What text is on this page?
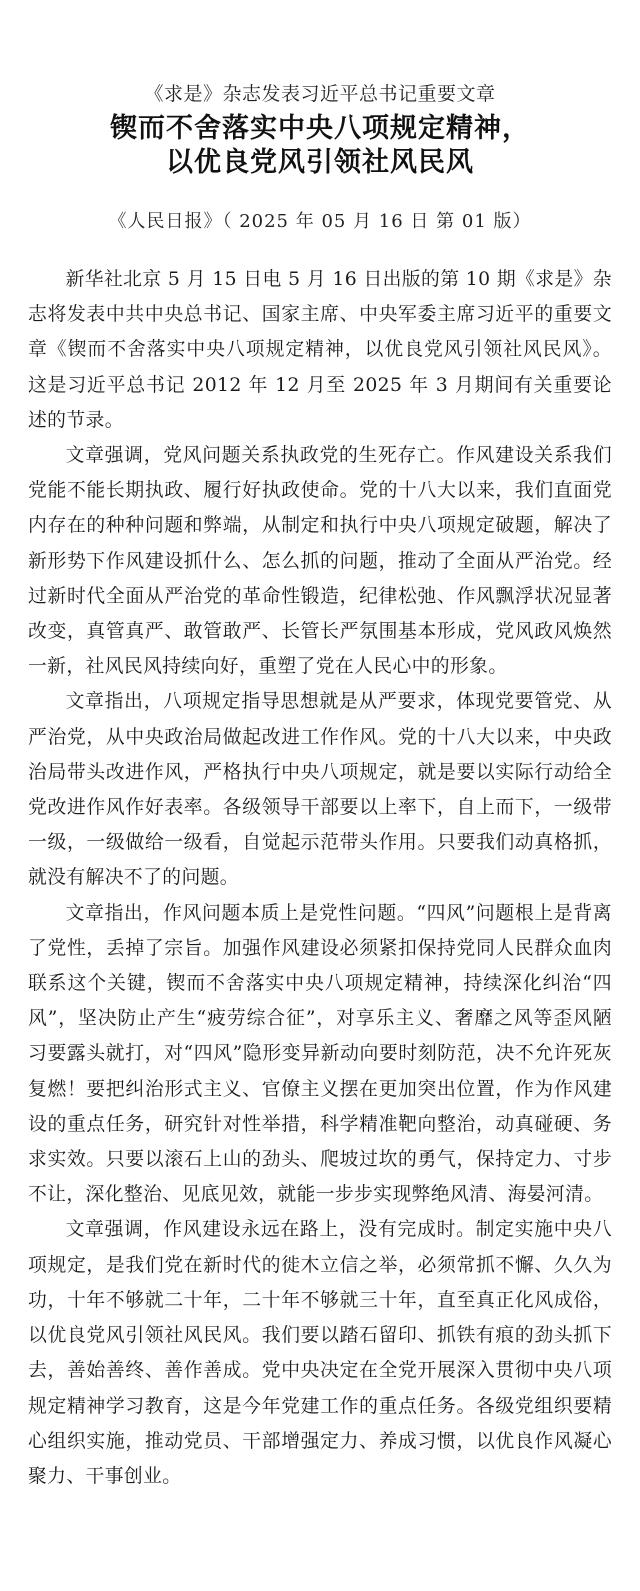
《求是》杂志发表习近平总书记重要文章
锲而不舍落实中央八项规定精神，
以优良党风引领社风民风
《人民日报》（ 2025 年 05 月 16 日 第 01 版）

新华社北京 5 月 15 日电 5 月 16 日出版的第 10 期《求是》杂志将发表中共中央总书记、国家主席、中央军委主席习近平的重要文章《锲而不舍落实中央八项规定精神，以优良党风引领社风民风》。这是习近平总书记 2012 年 12 月至 2025 年 3 月期间有关重要论述的节录。

文章强调，党风问题关系执政党的生死存亡。作风建设关系我们党能不能长期执政、履行好执政使命。党的十八大以来，我们直面党内存在的种种问题和弊端，从制定和执行中央八项规定破题，解决了新形势下作风建设抓什么、怎么抓的问题，推动了全面从严治党。经过新时代全面从严治党的革命性锻造，纪律松弛、作风飘浮状况显著改变，真管真严、敢管敢严、长管长严氛围基本形成，党风政风焕然一新，社风民风持续向好，重塑了党在人民心中的形象。

文章指出，八项规定指导思想就是从严要求，体现党要管党、从严治党，从中央政治局做起改进工作作风。党的十八大以来，中央政治局带头改进作风，严格执行中央八项规定，就是要以实际行动给全党改进作风作好表率。各级领导干部要以上率下，自上而下，一级带一级，一级做给一级看，自觉起示范带头作用。只要我们动真格抓，就没有解决不了的问题。

文章指出，作风问题本质上是党性问题。“四风”问题根上是背离了党性，丢掉了宗旨。加强作风建设必须紧扣保持党同人民群众血肉联系这个关键，锲而不舍落实中央八项规定精神，持续深化纠治“四风”，坚决防止产生“疲劳综合征”，对享乐主义、奢靡之风等歪风陋习要露头就打，对“四风”隐形变异新动向要时刻防范，决不允许死灰复燃！要把纠治形式主义、官僚主义摆在更加突出位置，作为作风建设的重点任务，研究针对性举措，科学精准靶向整治，动真碰硬、务求实效。只要以滚石上山的劲头、爬坡过坎的勇气，保持定力、寸步不让，深化整治、见底见效，就能一步步实现弊绝风清、海晏河清。

文章强调，作风建设永远在路上，没有完成时。制定实施中央八项规定，是我们党在新时代的徙木立信之举，必须常抓不懈、久久为功，十年不够就二十年，二十年不够就三十年，直至真正化风成俗，以优良党风引领社风民风。我们要以踏石留印、抓铁有痕的劲头抓下去，善始善终、善作善成。党中央决定在全党开展深入贯彻中央八项规定精神学习教育，这是今年党建工作的重点任务。各级党组织要精心组织实施，推动党员、干部增强定力、养成习惯，以优良作风凝心聚力、干事创业。
